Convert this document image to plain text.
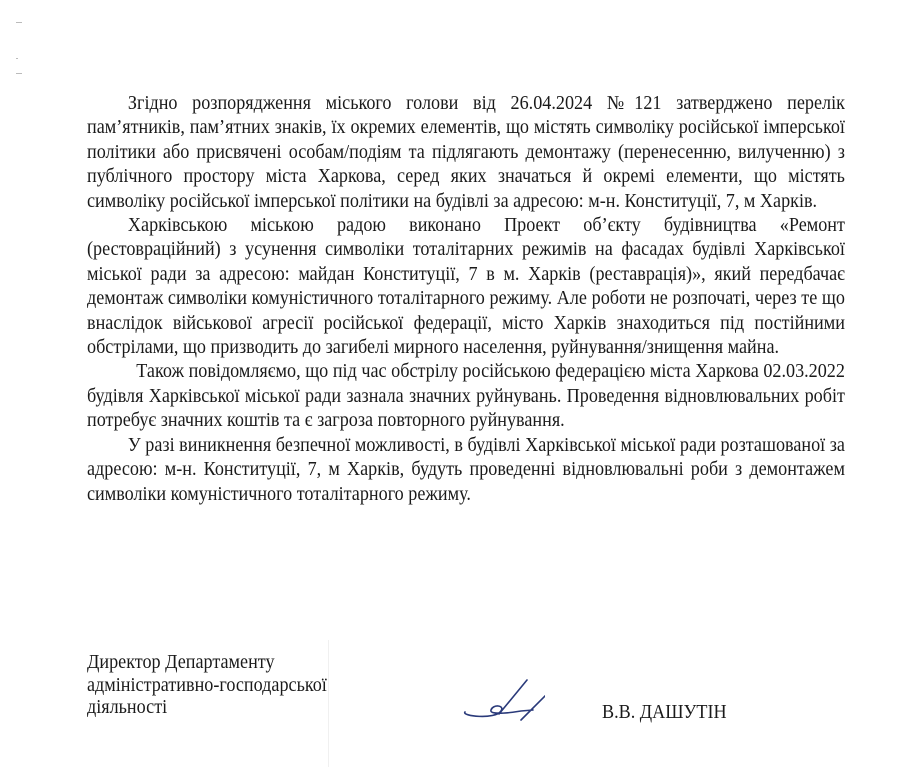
Згідно розпорядження міського голови від 26.04.2024 №121 затверджено перелік пам’ятників, пам’ятних знаків, їх окремих елементів, що містять символіку російської імперської політики або присвячені особам/подіям та підлягають демонтажу (перенесенню, вилученню) з публічного простору міста Харкова, серед яких значаться й окремі елементи, що містять символіку російської імперської політики на будівлі за адресою: м-н. Конституції, 7, м Харків.

Харківською міською радою виконано Проект об’єкту будівництва «Ремонт (рестовраційний) з усунення символіки тоталітарних режимів на фасадах будівлі Харківської міської ради за адресою: майдан Конституції, 7 в м. Харків (реставрація)», який передбачає демонтаж символіки комуністичного тоталітарного режиму. Але роботи не розпочаті, через те що внаслідок військової агресії російської федерації, місто Харків знаходиться під постійними обстрілами, що призводить до загибелі мирного населення, руйнування/знищення майна.

Також повідомляємо, що під час обстрілу російською федерацією міста Харкова 02.03.2022 будівля Харківської міської ради зазнала значних руйнувань. Проведення відновлювальних робіт потребує значних коштів та є загроза повторного руйнування.

У разі виникнення безпечної можливості, в будівлі Харківської міської ради розташованої за адресою: м-н. Конституції, 7, м Харків, будуть проведенні відновлювальні роби з демонтажем символіки комуністичного тоталітарного режиму.

Директор Департаменту
адміністративно-господарської
діяльності	В.В. ДАШУТІН
